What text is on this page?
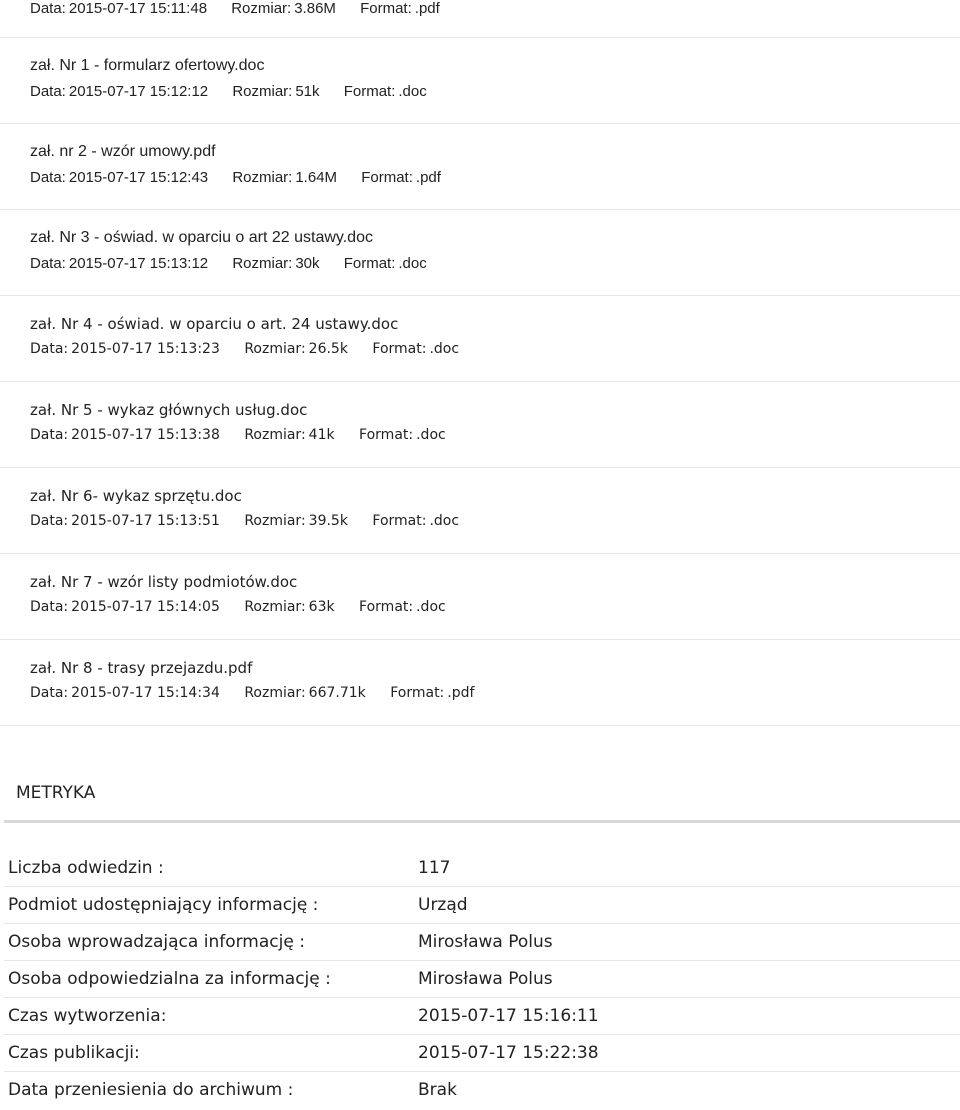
Data: 2015-07-17 15:11:48 Rozmiar: 3.86M Format: .pdf
zał. Nr 1 - formularz ofertowy.doc
Data: 2015-07-17 15:12:12 Rozmiar: 51k Format: .doc
zał. nr 2 - wzór umowy.pdf
Data: 2015-07-17 15:12:43 Rozmiar: 1.64M Format: .pdf
zał. Nr 3 - oświad. w oparciu o art 22 ustawy.doc
Data: 2015-07-17 15:13:12 Rozmiar: 30k Format: .doc
zał. Nr 4 - oświad. w oparciu o art. 24 ustawy.doc
Data: 2015-07-17 15:13:23 Rozmiar: 26.5k Format: .doc
zał. Nr 5 - wykaz głównych usług.doc
Data: 2015-07-17 15:13:38 Rozmiar: 41k Format: .doc
zał. Nr 6- wykaz sprzętu.doc
Data: 2015-07-17 15:13:51 Rozmiar: 39.5k Format: .doc
zał. Nr 7 - wzór listy podmiotów.doc
Data: 2015-07-17 15:14:05 Rozmiar: 63k Format: .doc
zał. Nr 8 - trasy przejazdu.pdf
Data: 2015-07-17 15:14:34 Rozmiar: 667.71k Format: .pdf
METRYKA
Liczba odwiedzin :	117
Podmiot udostępniający informację :	Urząd
Osoba wprowadzająca informację :	Mirosława Polus
Osoba odpowiedzialna za informację :	Mirosława Polus
Czas wytworzenia:	2015-07-17 15:16:11
Czas publikacji:	2015-07-17 15:22:38
Data przeniesienia do archiwum :	Brak
